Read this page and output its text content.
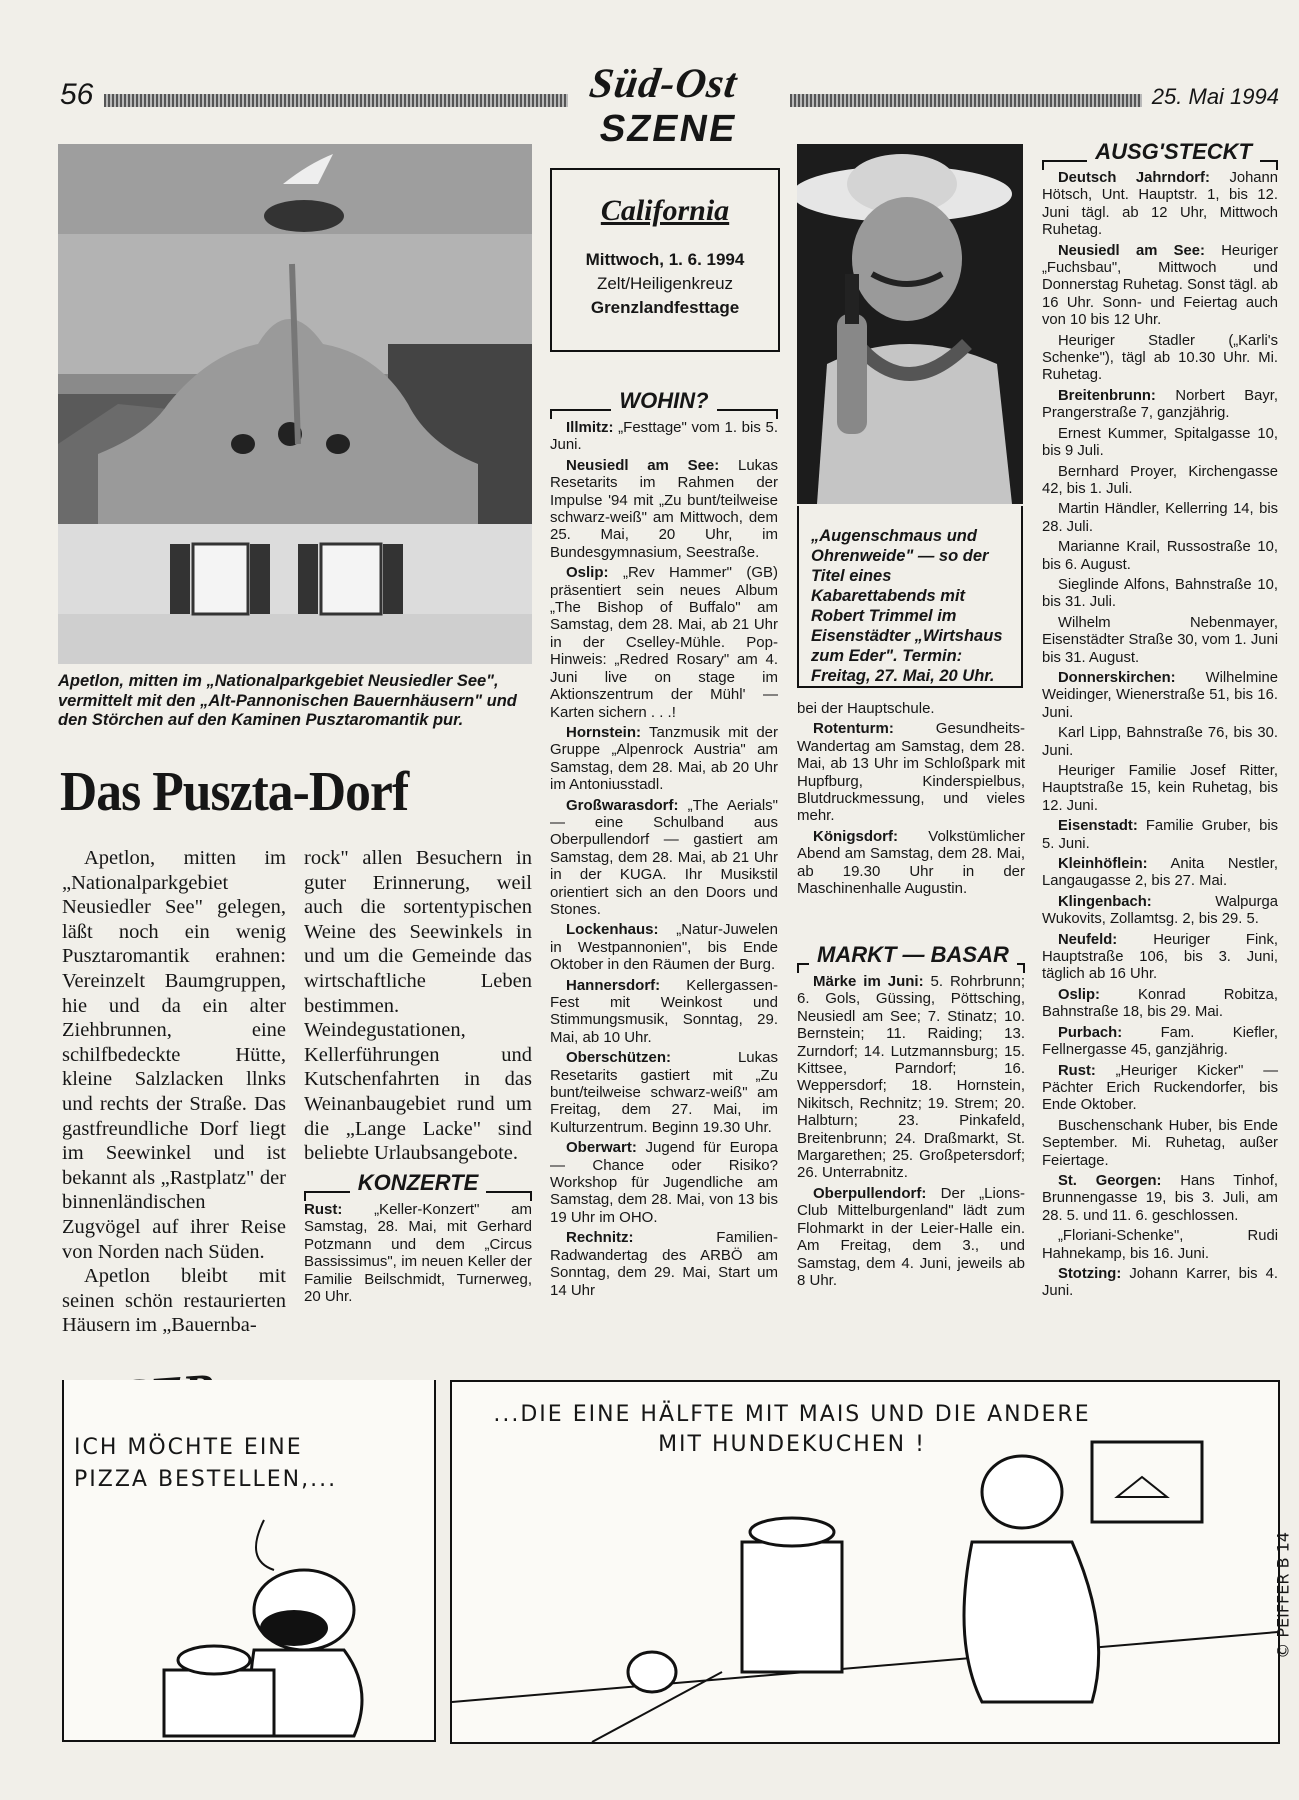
56	Süd-Ost
SZENE
25. Mai 1994
Apetlon, mitten im „Nationalparkgebiet Neusiedler See", vermittelt mit den „Alt-Pannonischen Bauernhäusern" und den Störchen auf den Kaminen Pusztaromantik pur.
Das Puszta-Dorf

Apetlon, mitten im „Nationalparkgebiet Neusiedler See" gelegen, läßt noch ein wenig Pusztaromantik erahnen: Vereinzelt Baumgruppen, hie und da ein alter Ziehbrunnen, eine schilfbedeckte Hütte, kleine Salzlacken llnks und rechts der Straße. Das gastfreundliche Dorf liegt im Seewinkel und ist bekannt als „Rastplatz" der binnenländischen Zugvögel auf ihrer Reise von Norden nach Süden.

Apetlon bleibt mit seinen schön restaurierten Häusern im „Bauernba-

rock" allen Besuchern in guter Erinnerung, weil auch die sortentypischen Weine des Seewinkels in und um die Gemeinde das wirtschaftliche Leben bestimmen. Weindegustationen, Kellerführungen und Kutschenfahrten in das Weinanbaugebiet rund um die „Lange Lacke" sind beliebte Urlaubsangebote.

KONZERTE

Rust: „Keller-Konzert" am Samstag, 28. Mai, mit Gerhard Potzmann und dem „Circus Bassissimus", im neuen Keller der Familie Beilschmidt, Turnerweg, 20 Uhr.

California
Mittwoch, 1. 6. 1994
Zelt/Heiligenkreuz
Grenzlandfesttage
WOHIN?

Illmitz: „Festtage" vom 1. bis 5. Juni.

Neusiedl am See: Lukas Resetarits im Rahmen der Impulse '94 mit „Zu bunt/teilweise schwarz-weiß" am Mittwoch, dem 25. Mai, 20 Uhr, im Bundesgymnasium, Seestraße.

Oslip: „Rev Hammer" (GB) präsentiert sein neues Album „The Bishop of Buffalo" am Samstag, dem 28. Mai, ab 21 Uhr in der Cselley-Mühle. Pop-Hinweis: „Redred Rosary" am 4. Juni live on stage im Aktionszentrum der Mühl' — Karten sichern . . .!

Hornstein: Tanzmusik mit der Gruppe „Alpenrock Austria" am Samstag, dem 28. Mai, ab 20 Uhr im Antoniusstadl.

Großwarasdorf: „The Aerials" — eine Schulband aus Oberpullendorf — gastiert am Samstag, dem 28. Mai, ab 21 Uhr in der KUGA. Ihr Musikstil orientiert sich an den Doors und Stones.

Lockenhaus: „Natur-Juwelen in Westpannonien", bis Ende Oktober in den Räumen der Burg.

Hannersdorf: Kellergassen-Fest mit Weinkost und Stimmungsmusik, Sonntag, 29. Mai, ab 10 Uhr.

Oberschützen: Lukas Resetarits gastiert mit „Zu bunt/teilweise schwarz-weiß" am Freitag, dem 27. Mai, im Kulturzentrum. Beginn 19.30 Uhr.

Oberwart: Jugend für Europa — Chance oder Risiko? Workshop für Jugendliche am Samstag, dem 28. Mai, von 13 bis 19 Uhr im OHO.

Rechnitz: Familien-Radwandertag des ARBÖ am Sonntag, dem 29. Mai, Start um 14 Uhr

„Augenschmaus und Ohrenweide" — so der Titel eines Kabarettabends mit Robert Trimmel im Eisenstädter „Wirtshaus zum Eder". Termin: Freitag, 27. Mai, 20 Uhr.

bei der Hauptschule.

Rotenturm: Gesundheits-Wandertag am Samstag, dem 28. Mai, ab 13 Uhr im Schloßpark mit Hupfburg, Kinderspielbus, Blutdruckmessung, und vieles mehr.

Königsdorf: Volkstümlicher Abend am Samstag, dem 28. Mai, ab 19.30 Uhr in der Maschinenhalle Augustin.

MARKT — BASAR

Märke im Juni: 5. Rohrbrunn; 6. Gols, Güssing, Pöttsching, Neusiedl am See; 7. Stinatz; 10. Bernstein; 11. Raiding; 13. Zurndorf; 14. Lutzmannsburg; 15. Kittsee, Parndorf; 16. Weppersdorf; 18. Hornstein, Nikitsch, Rechnitz; 19. Strem; 20. Halbturn; 23. Pinkafeld, Breitenbrunn; 24. Draßmarkt, St. Margarethen; 25. Großpetersdorf; 26. Unterrabnitz.

Oberpullendorf: Der „Lions-Club Mittelburgenland" lädt zum Flohmarkt in der Leier-Halle ein. Am Freitag, dem 3., und Samstag, dem 4. Juni, jeweils ab 8 Uhr.

AUSG'STECKT

Deutsch Jahrndorf: Johann Hötsch, Unt. Hauptstr. 1, bis 12. Juni tägl. ab 12 Uhr, Mittwoch Ruhetag.

Neusiedl am See: Heuriger „Fuchsbau", Mittwoch und Donnerstag Ruhetag. Sonst tägl. ab 16 Uhr. Sonn- und Feiertag auch von 10 bis 12 Uhr.

Heuriger Stadler („Karli's Schenke"), tägl ab 10.30 Uhr. Mi. Ruhetag.

Breitenbrunn: Norbert Bayr, Prangerstraße 7, ganzjährig.

Ernest Kummer, Spitalgasse 10, bis 9 Juli.

Bernhard Proyer, Kirchengasse 42, bis 1. Juli.

Martin Händler, Kellerring 14, bis 28. Juli.

Marianne Krail, Russostraße 10, bis 6. August.

Sieglinde Alfons, Bahnstraße 10, bis 31. Juli.

Wilhelm Nebenmayer, Eisenstädter Straße 30, vom 1. Juni bis 31. August.

Donnerskirchen: Wilhelmine Weidinger, Wienerstraße 51, bis 16. Juni.

Karl Lipp, Bahnstraße 76, bis 30. Juni.

Heuriger Familie Josef Ritter, Hauptstraße 15, kein Ruhetag, bis 12. Juni.

Eisenstadt: Familie Gruber, bis 5. Juni.

Kleinhöflein: Anita Nestler, Langaugasse 2, bis 27. Mai.

Klingenbach: Walpurga Wukovits, Zollamtsg. 2, bis 29. 5.

Neufeld: Heuriger Fink, Hauptstraße 106, bis 3. Juni, täglich ab 16 Uhr.

Oslip: Konrad Robitza, Bahnstraße 18, bis 29. Mai.

Purbach: Fam. Kiefler, Fellnergasse 45, ganzjährig.

Rust: „Heuriger Kicker" — Pächter Erich Ruckendorfer, bis Ende Oktober.

Buschenschank Huber, bis Ende September. Mi. Ruhetag, außer Feiertage.

St. Georgen: Hans Tinhof, Brunnengasse 19, bis 3. Juli, am 28. 5. und 11. 6. geschlossen.

„Floriani-Schenke", Rudi Hahnekamp, bis 16. Juni.

Stotzing: Johann Karrer, bis 4. Juni.

ICH MÖCHTE EINE PIZZA BESTELLEN,...
...DIE EINE HÄLFTE MIT MAIS UND DIE ANDERE MIT HUNDEKUCHEN !
© PEIFFER B 14
